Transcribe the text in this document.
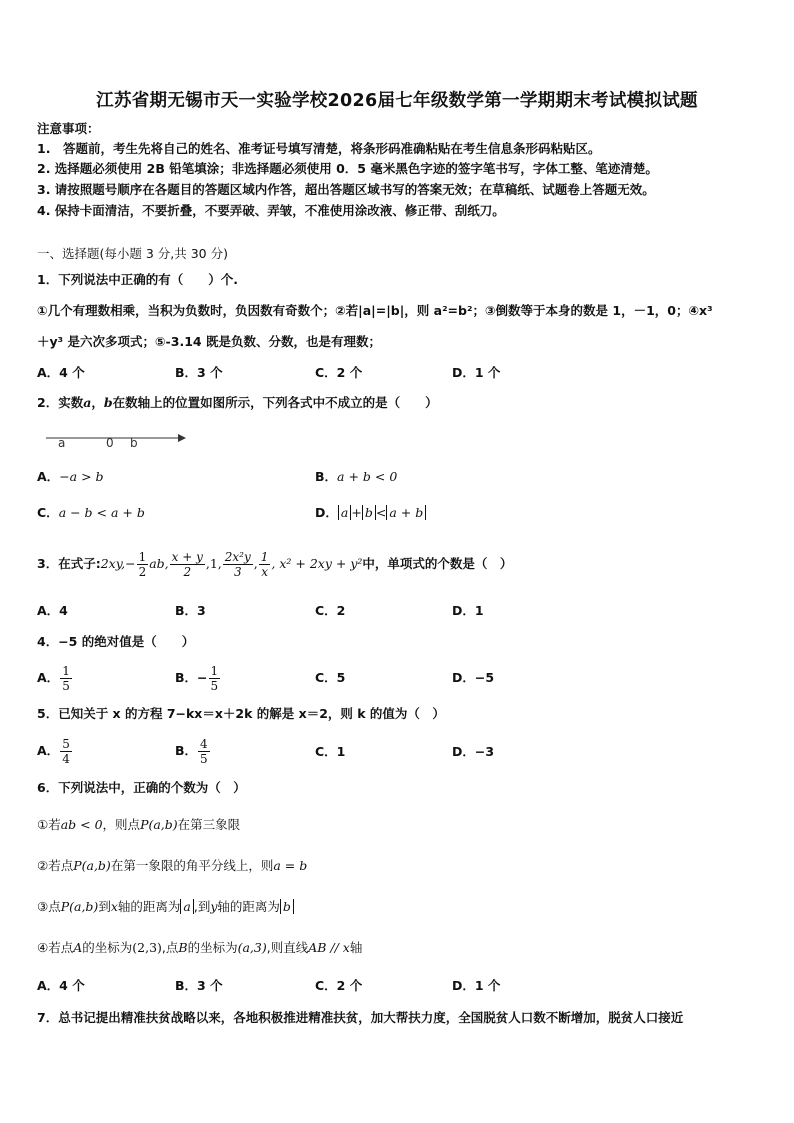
江苏省期无锡市天一实验学校2026届七年级数学第一学期期末考试模拟试题
注意事项：
1.　答题前，考生先将自己的姓名、准考证号填写清楚，将条形码准确粘贴在考生信息条形码粘贴区。
2. 选择题必须使用 2B 铅笔填涂；非选择题必须使用 0．5 毫米黑色字迹的签字笔书写，字体工整、笔迹清楚。
3. 请按照题号顺序在各题目的答题区域内作答，超出答题区域书写的答案无效；在草稿纸、试题卷上答题无效。
4. 保持卡面清洁，不要折叠，不要弄破、弄皱，不准使用涂改液、修正带、刮纸刀。
一、选择题(每小题 3 分,共 30 分)
1．下列说法中正确的有（　　）个.
①几个有理数相乘，当积为负数时，负因数有奇数个；②若|a|=|b|，则 a²=b²；③倒数等于本身的数是 1，－1，0；④x³
＋y³ 是六次多项式；⑤-3.14 既是负数、分数，也是有理数；
A．4 个	B．3 个	C．2 个	D．1 个
2．实数a，b在数轴上的位置如图所示，下列各式中不成立的是（　　）
a	0 b
A．−a > b	B．a + b < 0
C．a − b < a + b	D． a + b < a + b
3．在式子:2xy,− $\frac{1}{2}$ ab, $\frac{x + y}{2} ,1$, $\frac{\text{2x²y}}{3}$ , $\frac{1}{x}$ , x² + 2xy + y²中，单项式的个数是（　）
A．4	B．3	C．2	D．1
4．−5 的绝对值是（　　）
A． $\frac{1}{5}$	B．− $\frac{1}{5}$	C．5	D．−5
5．已知关于 x 的方程 7−kx＝x＋2k 的解是 x＝2，则 k 的值为（　）
A． $\frac{5}{4}$	B． $\frac{4}{5}$	C．1	D．−3
6．下列说法中，正确的个数为（　）
①若ab < 0，则点P(a,b)在第三象限
②若点P(a,b)在第一象限的角平分线上，则a = b
③点P(a,b)到x轴的距离为 a ,到y轴的距离为 b
④若点A的坐标为(2,3),点B的坐标为(a,3),则直线AB // x轴
A．4 个	B．3 个	C．2 个	D．1 个
7．总书记提出精准扶贫战略以来，各地积极推进精准扶贫，加大帮扶力度，全国脱贫人口数不断增加，脱贫人口接近
